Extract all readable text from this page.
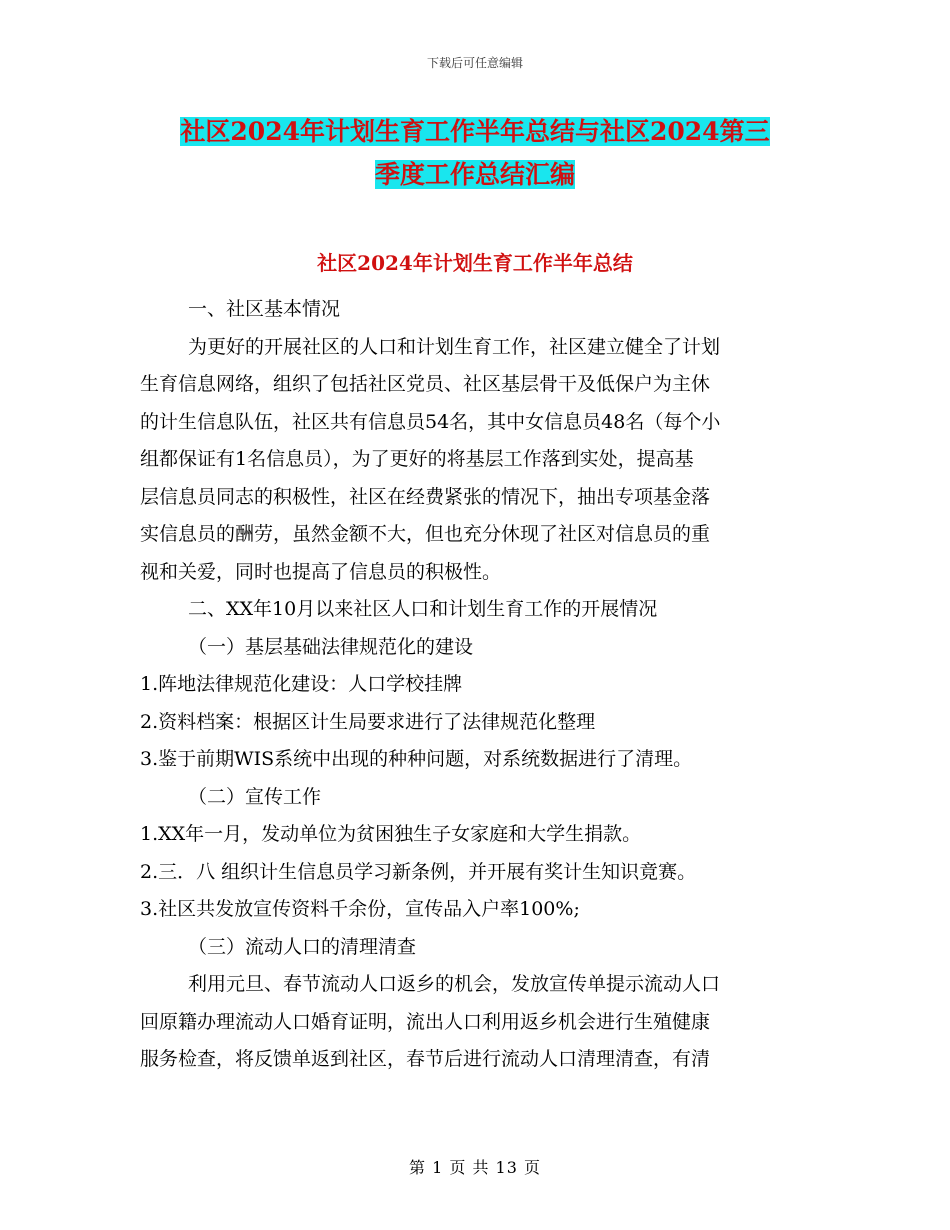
下载后可任意编辑
社区2024年计划生育工作半年总结与社区2024第三
季度工作总结汇编
社区2024年计划生育工作半年总结

一、社区基本情况

为更好的开展社区的人口和计划生育工作，社区建立健全了计划

生育信息网络，组织了包括社区党员、社区基层骨干及低保户为主休

的计生信息队伍，社区共有信息员54名，其中女信息员48名（每个小

组都保证有1名信息员），为了更好的将基层工作落到实处，提高基

层信息员同志的积极性，社区在经费紧张的情况下，抽出专项基金落

实信息员的酬劳，虽然金额不大，但也充分休现了社区对信息员的重

视和关爱，同时也提高了信息员的积极性。

二、XX年10月以来社区人口和计划生育工作的开展情况

（一）基层基础法律规范化的建设

1.阵地法律规范化建设：人口学校挂牌

2.资料档案：根据区计生局要求进行了法律规范化整理

3.鉴于前期WIS系统中出现的种种问题，对系统数据进行了清理。

（二）宣传工作

1.XX年一月，发动单位为贫困独生子女家庭和大学生捐款。

2.三．八 组织计生信息员学习新条例，并开展有奖计生知识竟赛。

3.社区共发放宣传资料千余份，宣传品入户率100%;

（三）流动人口的清理清查

利用元旦、春节流动人口返乡的机会，发放宣传单提示流动人口

回原籍办理流动人口婚育证明，流出人口利用返乡机会进行生殖健康

服务检查，将反馈单返到社区，春节后进行流动人口清理清查，有清

第 1 页 共 13 页
